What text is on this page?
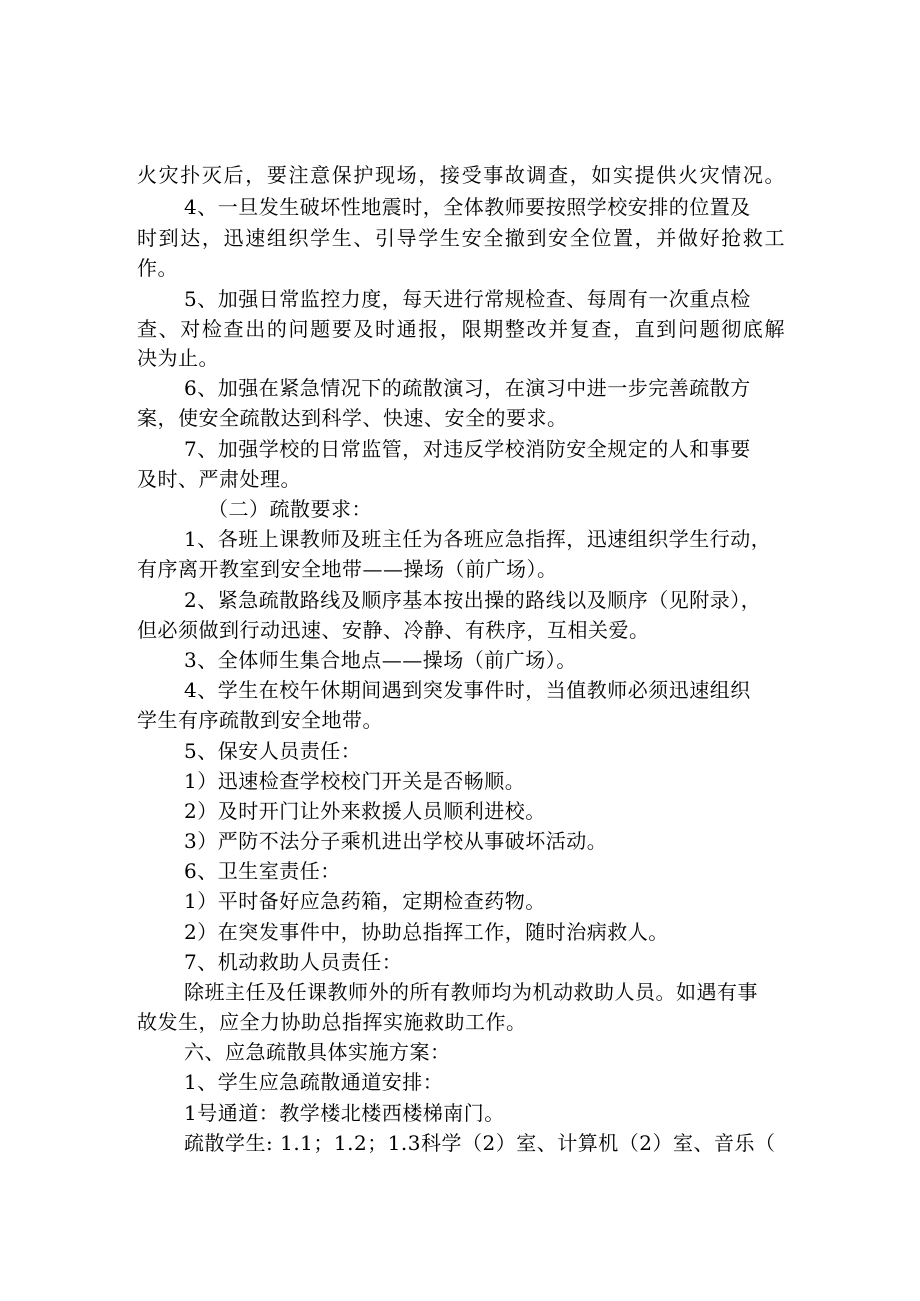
火灾扑灭后，要注意保护现场，接受事故调查，如实提供火灾情况。
4、一旦发生破坏性地震时，全体教师要按照学校安排的位置及
时到达，迅速组织学生、引导学生安全撤到安全位置，并做好抢救工
作。
5、加强日常监控力度，每天进行常规检查、每周有一次重点检
查、对检查出的问题要及时通报，限期整改并复查，直到问题彻底解
决为止。
6、加强在紧急情况下的疏散演习，在演习中进一步完善疏散方
案，使安全疏散达到科学、快速、安全的要求。
7、加强学校的日常监管，对违反学校消防安全规定的人和事要
及时、严肃处理。
（二）疏散要求：
1、各班上课教师及班主任为各班应急指挥，迅速组织学生行动，
有序离开教室到安全地带——操场（前广场）。
2、紧急疏散路线及顺序基本按出操的路线以及顺序（见附录），
但必须做到行动迅速、安静、冷静、有秩序，互相关爱。
3、全体师生集合地点——操场（前广场）。
4、学生在校午休期间遇到突发事件时，当值教师必须迅速组织
学生有序疏散到安全地带。
5、保安人员责任：
1）迅速检查学校校门开关是否畅顺。
2）及时开门让外来救援人员顺利进校。
3）严防不法分子乘机进出学校从事破坏活动。
6、卫生室责任：
1）平时备好应急药箱，定期检查药物。
2）在突发事件中，协助总指挥工作，随时治病救人。
7、机动救助人员责任：
除班主任及任课教师外的所有教师均为机动救助人员。如遇有事
故发生，应全力协助总指挥实施救助工作。
六、应急疏散具体实施方案：
1、学生应急疏散通道安排：
1号通道：教学楼北楼西楼梯南门。
疏散学生: 1.1；1.2；1.3科学（2）室、计算机（2）室、音乐（
